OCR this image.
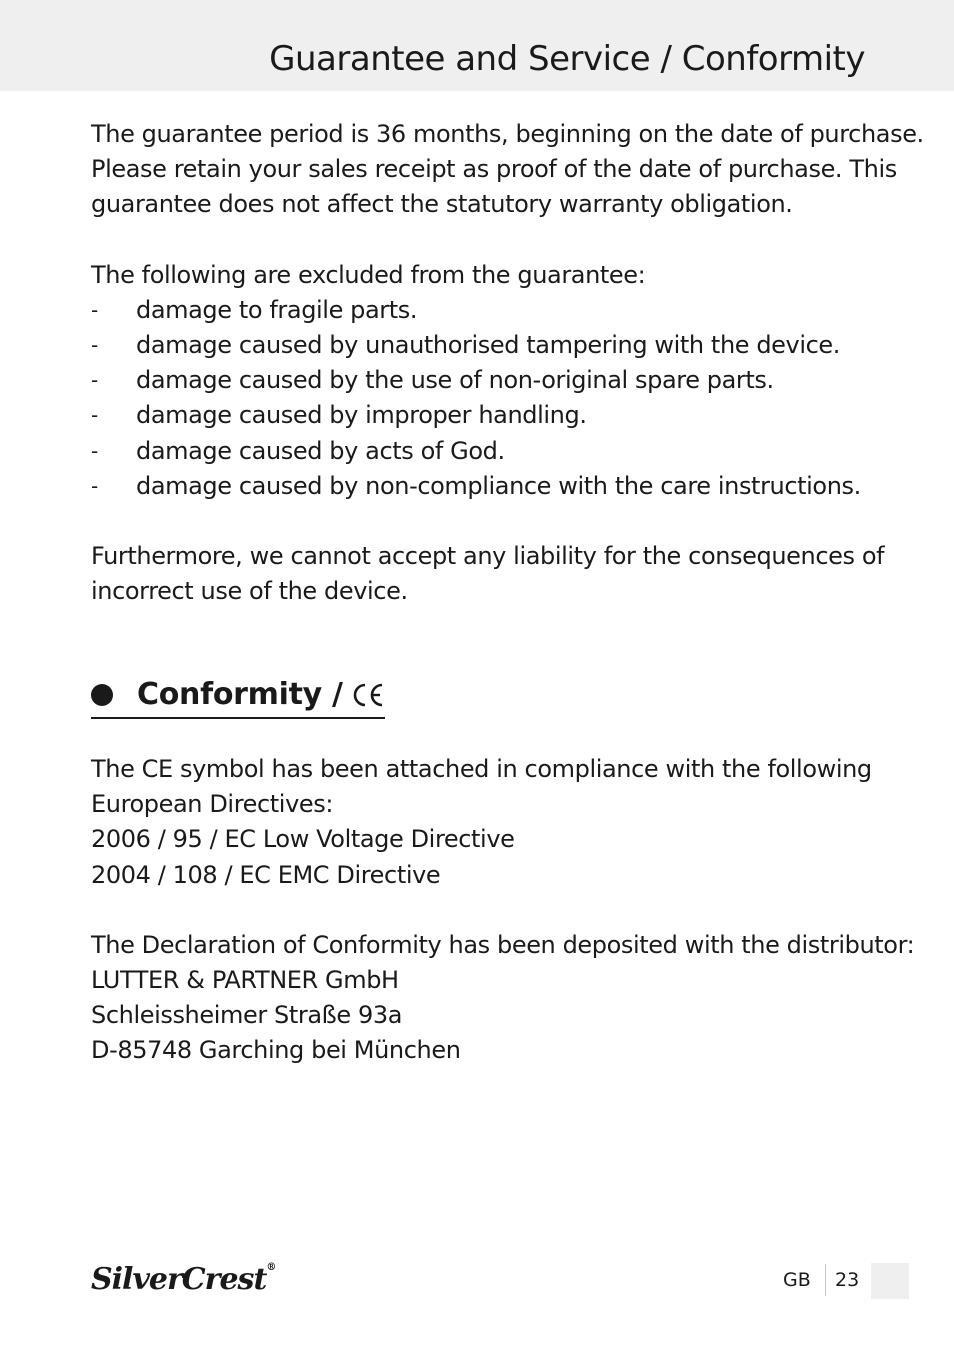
Guarantee and Service / Conformity

The guarantee period is 36 months, beginning on the date of purchase.
Please retain your sales receipt as proof of the date of purchase. This
guarantee does not affect the statutory warranty obligation.

The following are excluded from the guarantee:

- damage to fragile parts.
- damage caused by unauthorised tampering with the device.
- damage caused by the use of non-original spare parts.
- damage caused by improper handling.
- damage caused by acts of God.
- damage caused by non-compliance with the care instructions.

Furthermore, we cannot accept any liability for the consequences of
incorrect use of the device.

Conformity /

The CE symbol has been attached in compliance with the following
European Directives:
2006 / 95 / EC Low Voltage Directive
2004 / 108 / EC EMC Directive

The Declaration of Conformity has been deposited with the distributor:
LUTTER & PARTNER GmbH
Schleissheimer Straße 93a
D-85748 Garching bei München

SilverCrest®
GB 23
